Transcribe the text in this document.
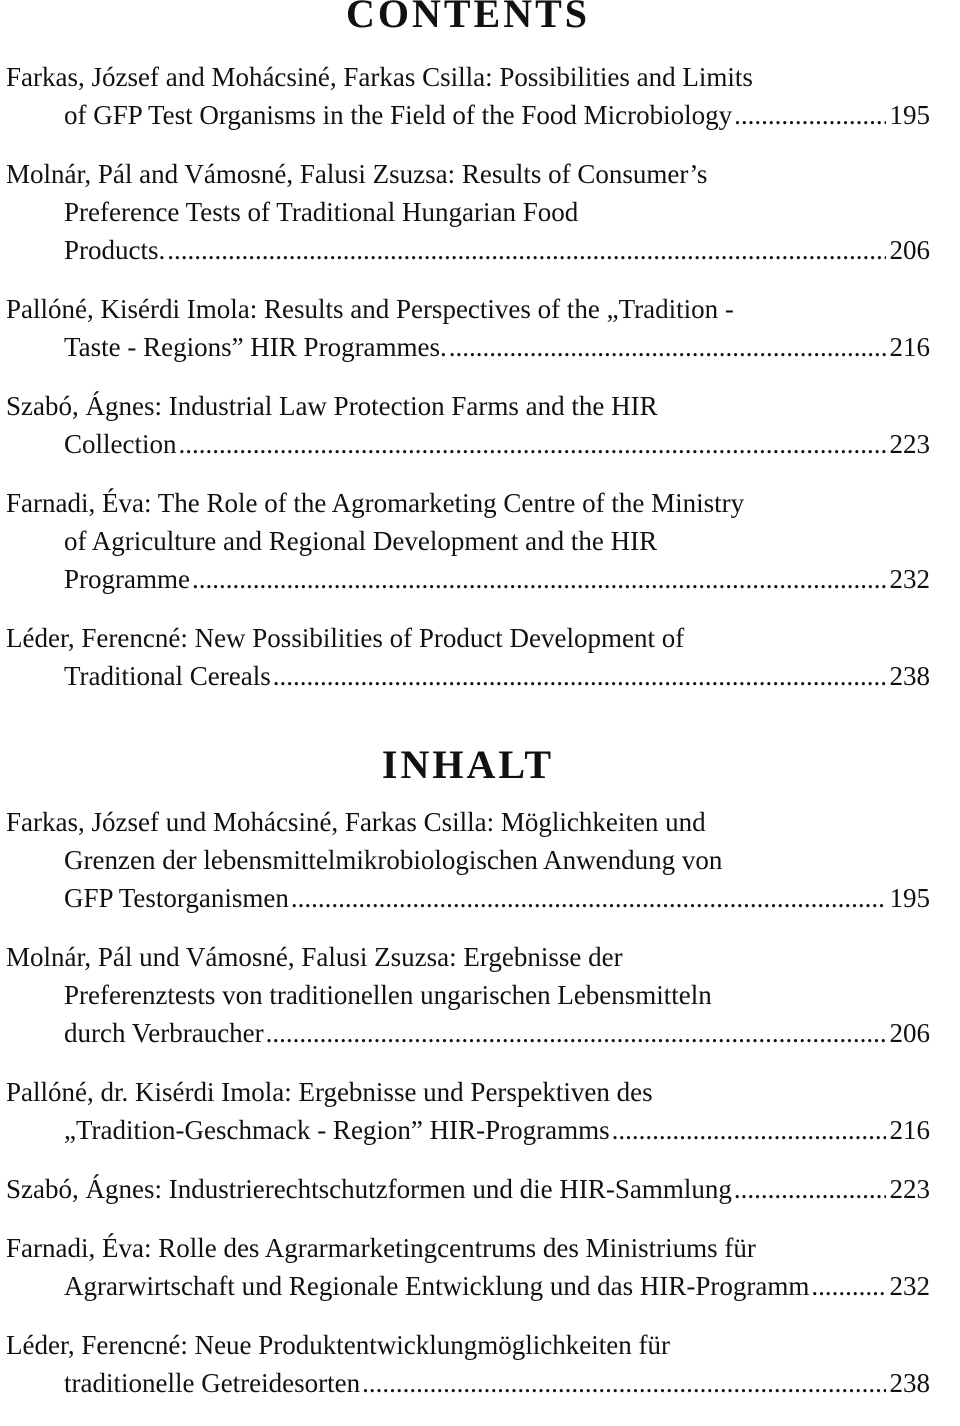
CONTENTS
Farkas, József and Mohácsiné, Farkas Csilla: Possibilities and Limits
of GFP Test Organisms in the Field of the Food Microbiology .....	195
Molnár, Pál and Vámosné, Falusi Zsuzsa: Results of Consumer’s
Preference Tests of Traditional Hungarian Food
Products. .....	206
Pallóné, Kisérdi Imola: Results and Perspectives of the „Tradition -
Taste - Regions” HIR Programmes. .....	216
Szabó, Ágnes: Industrial Law Protection Farms and the HIR
Collection .....	223
Farnadi, Éva: The Role of the Agromarketing Centre of the Ministry
of Agriculture and Regional Development and the HIR
Programme .....	232
Léder, Ferencné: New Possibilities of Product Development of
Traditional Cereals .....	238
INHALT
Farkas, József und Mohácsiné, Farkas Csilla: Möglichkeiten und
Grenzen der lebensmittelmikrobiologischen Anwendung von
GFP Testorganismen .....	195
Molnár, Pál und Vámosné, Falusi Zsuzsa: Ergebnisse der
Preferenztests von traditionellen ungarischen Lebensmitteln
durch Verbraucher .....	206
Pallóné, dr. Kisérdi Imola: Ergebnisse und Perspektiven des
„Tradition-Geschmack - Region” HIR-Programms .....	216
Szabó, Ágnes: Industrierechtschutzformen und die HIR-Sammlung .....	223
Farnadi, Éva: Rolle des Agrarmarketingcentrums des Ministriums für
Agrarwirtschaft und Regionale Entwicklung und das HIR-Programm .....	232
Léder, Ferencné: Neue Produktentwicklungmöglichkeiten für
traditionelle Getreidesorten .....	238
